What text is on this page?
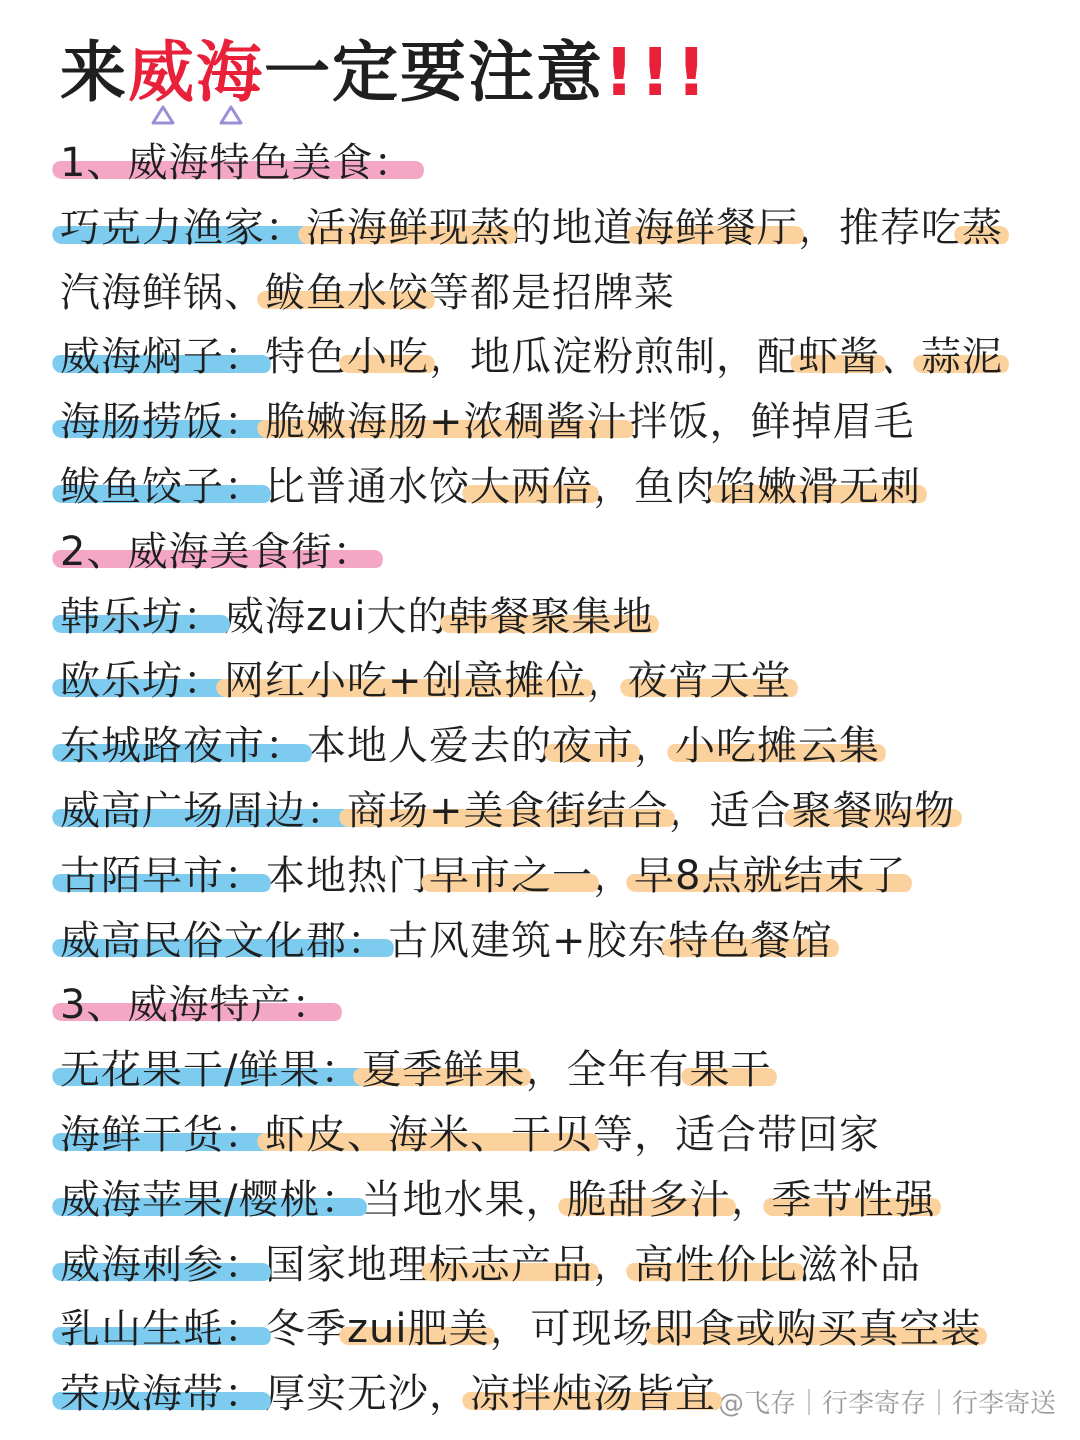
来威海一定要注意!!!
1、威海特色美食：
巧克力渔家：活海鲜现蒸的地道海鲜餐厅，推荐吃蒸
汽海鲜锅、鲅鱼水饺等都是招牌菜
威海焖子：特色小吃，地瓜淀粉煎制，配虾酱、蒜泥
海肠捞饭：脆嫩海肠+浓稠酱汁拌饭，鲜掉眉毛
鲅鱼饺子：比普通水饺大两倍，鱼肉馅嫩滑无刺
2、威海美食街：
韩乐坊：威海zui大的韩餐聚集地
欧乐坊：网红小吃+创意摊位，夜宵天堂
东城路夜市：本地人爱去的夜市，小吃摊云集
威高广场周边：商场+美食街结合，适合聚餐购物
古陌早市：本地热门早市之一，早8点就结束了
威高民俗文化郡：古风建筑+胶东特色餐馆
3、威海特产：
无花果干/鲜果：夏季鲜果，全年有果干
海鲜干货：虾皮、海米、干贝等，适合带回家
威海苹果/樱桃：当地水果，脆甜多汁，季节性强
威海刺参：国家地理标志产品，高性价比滋补品
乳山生蚝：冬季zui肥美，可现场即食或购买真空装
荣成海带：厚实无沙，凉拌炖汤皆宜 @飞存｜行李寄存｜行李寄送
